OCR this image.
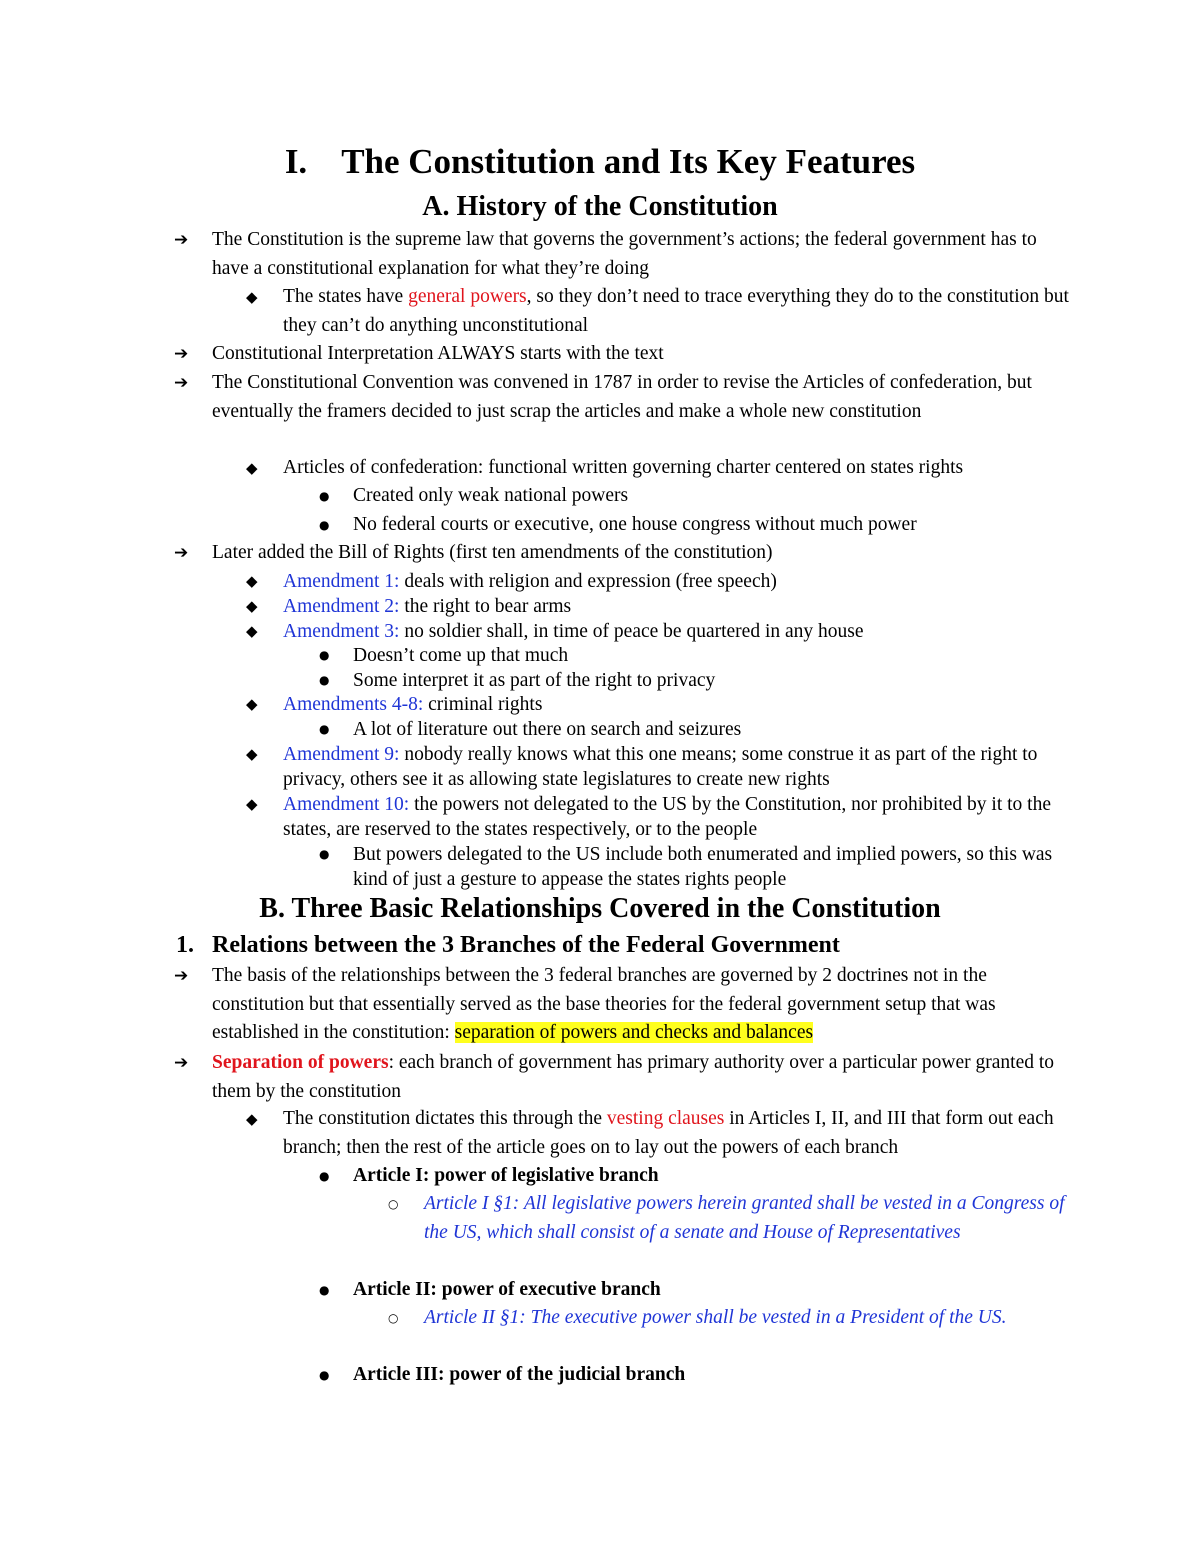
I. The Constitution and Its Key Features
A. History of the Constitution
➔ The Constitution is the supreme law that governs the government’s actions; the federal government has to have a constitutional explanation for what they’re doing
◆ The states have general powers, so they don’t need to trace everything they do to the constitution but they can’t do anything unconstitutional
➔ Constitutional Interpretation ALWAYS starts with the text
➔ The Constitutional Convention was convened in 1787 in order to revise the Articles of confederation, but eventually the framers decided to just scrap the articles and make a whole new constitution
◆ Articles of confederation: functional written governing charter centered on states rights
● Created only weak national powers
● No federal courts or executive, one house congress without much power
➔ Later added the Bill of Rights (first ten amendments of the constitution)
◆ Amendment 1: deals with religion and expression (free speech)
◆ Amendment 2: the right to bear arms
◆ Amendment 3: no soldier shall, in time of peace be quartered in any house
● Doesn’t come up that much
● Some interpret it as part of the right to privacy
◆ Amendments 4-8: criminal rights
● A lot of literature out there on search and seizures
◆ Amendment 9: nobody really knows what this one means; some construe it as part of the right to privacy, others see it as allowing state legislatures to create new rights
◆ Amendment 10: the powers not delegated to the US by the Constitution, nor prohibited by it to the states, are reserved to the states respectively, or to the people
● But powers delegated to the US include both enumerated and implied powers, so this was kind of just a gesture to appease the states rights people
B. Three Basic Relationships Covered in the Constitution
1. Relations between the 3 Branches of the Federal Government
➔ The basis of the relationships between the 3 federal branches are governed by 2 doctrines not in the constitution but that essentially served as the base theories for the federal government setup that was established in the constitution: separation of powers and checks and balances
➔ Separation of powers: each branch of government has primary authority over a particular power granted to them by the constitution
◆ The constitution dictates this through the vesting clauses in Articles I, II, and III that form out each branch; then the rest of the article goes on to lay out the powers of each branch
● Article I: power of legislative branch
○ Article I §1: All legislative powers herein granted shall be vested in a Congress of the US, which shall consist of a senate and House of Representatives
● Article II: power of executive branch
○ Article II §1: The executive power shall be vested in a President of the US.
● Article III: power of the judicial branch
